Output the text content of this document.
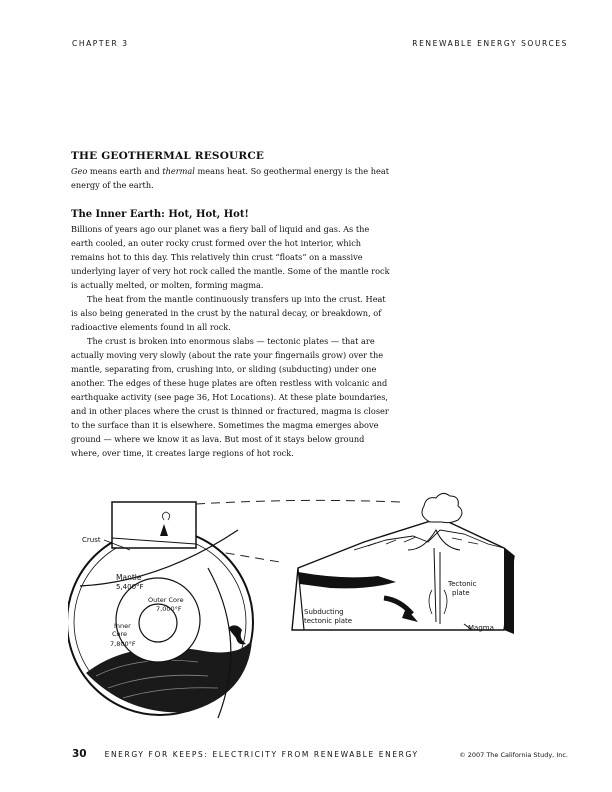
CHAPTER 3	RENEWABLE ENERGY SOURCES
THE GEOTHERMAL RESOURCE

Geo means earth and thermal means heat. So geothermal energy is the heat energy of the earth.

The Inner Earth: Hot, Hot, Hot!

Billions of years ago our planet was a fiery ball of liquid and gas. As the earth cooled, an outer rocky crust formed over the hot interior, which remains hot to this day. This relatively thin crust “floats” on a massive underlying layer of very hot rock called the mantle. Some of the mantle rock is actually melted, or molten, forming magma.

The heat from the mantle continuously transfers up into the crust. Heat is also being generated in the crust by the natural decay, or breakdown, of radioactive elements found in all rock.

The crust is broken into enormous slabs — tectonic plates — that are actually moving very slowly (about the rate your fingernails grow) over the mantle, separating from, crushing into, or sliding (subducting) under one another. The edges of these huge plates are often restless with volcanic and earthquake activity (see page 36, Hot Locations). At these plate boundaries, and in other places where the crust is thinned or fractured, magma is closer to the surface than it is elsewhere. Sometimes the magma emerges above ground — where we know it as lava. But most of it stays below ground where, over time, it creates large regions of hot rock.

Crust
Mantle
5,400°F
Outer Core
7,000°F
Inner
Core
7,800°F
Tectonic
plate
Subducting
tectonic plate
Magma
30 ENERGY FOR KEEPS: ELECTRICITY FROM RENEWABLE ENERGY	© 2007 The California Study, Inc.
